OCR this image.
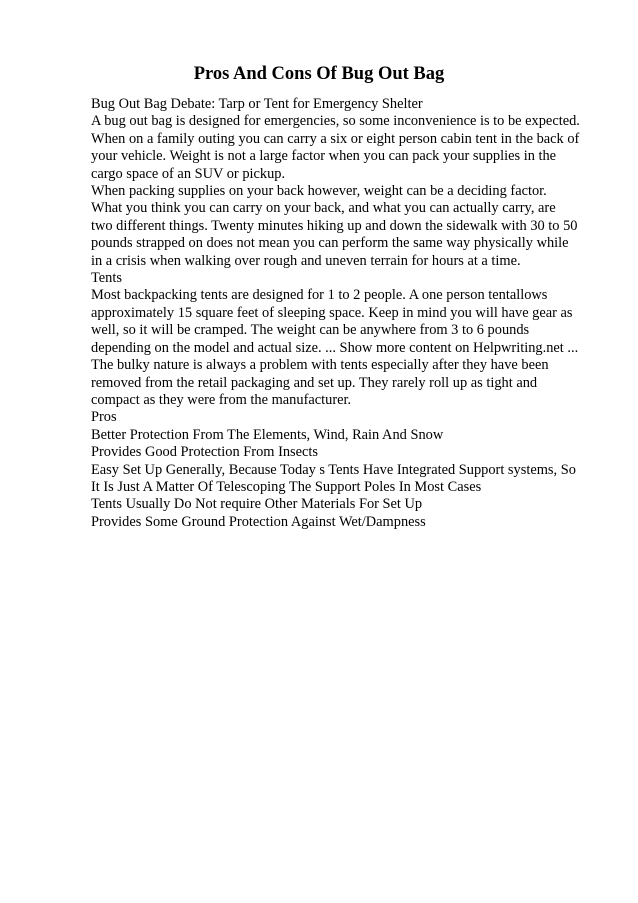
Pros And Cons Of Bug Out Bag
Bug Out Bag Debate: Tarp or Tent for Emergency Shelter
A bug out bag is designed for emergencies, so some inconvenience is to be expected.
When on a family outing you can carry a six or eight person cabin tent in the back of
your vehicle. Weight is not a large factor when you can pack your supplies in the
cargo space of an SUV or pickup.
When packing supplies on your back however, weight can be a deciding factor.
What you think you can carry on your back, and what you can actually carry, are
two different things. Twenty minutes hiking up and down the sidewalk with 30 to 50
pounds strapped on does not mean you can perform the same way physically while
in a crisis when walking over rough and uneven terrain for hours at a time.
Tents
Most backpacking tents are designed for 1 to 2 people. A one person tentallows
approximately 15 square feet of sleeping space. Keep in mind you will have gear as
well, so it will be cramped. The weight can be anywhere from 3 to 6 pounds
depending on the model and actual size. ... Show more content on Helpwriting.net ...
The bulky nature is always a problem with tents especially after they have been
removed from the retail packaging and set up. They rarely roll up as tight and
compact as they were from the manufacturer.
Pros
Better Protection From The Elements, Wind, Rain And Snow
Provides Good Protection From Insects
Easy Set Up Generally, Because Today s Tents Have Integrated Support systems, So
It Is Just A Matter Of Telescoping The Support Poles In Most Cases
Tents Usually Do Not require Other Materials For Set Up
Provides Some Ground Protection Against Wet/Dampness
